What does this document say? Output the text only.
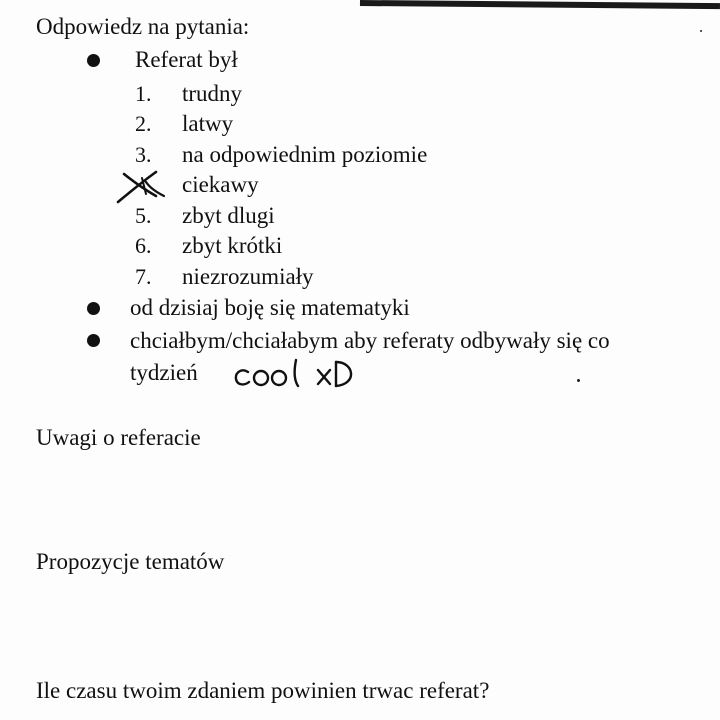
Odpowiedz na pytania:
Referat był
1. trudny
2. latwy
3. na odpowiednim poziomie
ciekawy
5. zbyt dlugi
6. zbyt krótki
7. niezrozumiały
od dzisiaj boję się matematyki
chciałbym/chciałabym aby referaty odbywały się co
tydzień
Uwagi o referacie
Propozycje tematów
Ile czasu twoim zdaniem powinien trwac referat?
